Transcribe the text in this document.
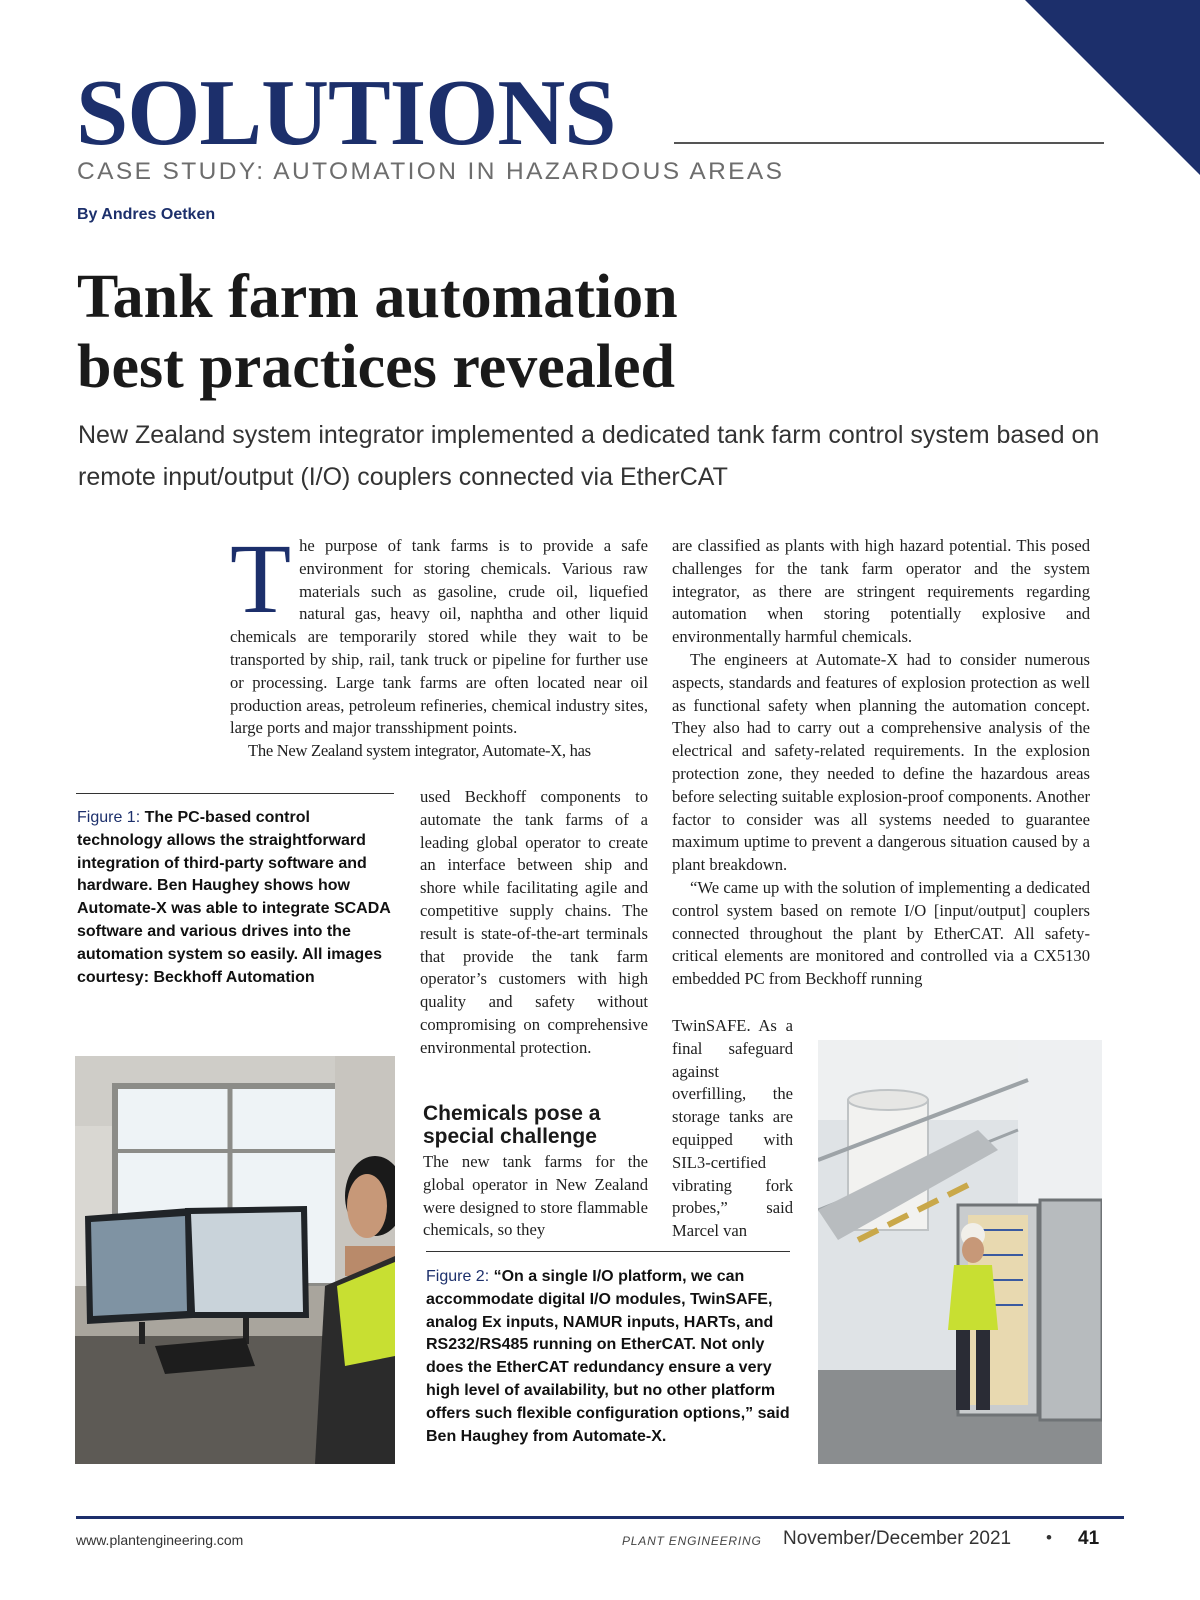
SOLUTIONS
CASE STUDY: AUTOMATION IN HAZARDOUS AREAS
By Andres Oetken
Tank farm automation
best practices revealed

New Zealand system integrator implemented a dedicated tank farm control system based on remote input/output (I/O) couplers connected via EtherCAT

The purpose of tank farms is to provide a safe environment for storing chemicals. Various raw materials such as gasoline, crude oil, liquefied natural gas, heavy oil, naphtha and other liquid chemicals are temporarily stored while they wait to be transported by ship, rail, tank truck or pipeline for further use or processing. Large tank farms are often located near oil production areas, petroleum refineries, chemical industry sites, large ports and major transshipment points.

The New Zealand system integrator, Automate-X, has

Figure 1: The PC-based control technology allows the straightforward integration of third-party software and hardware. Ben Haughey shows how Automate-X was able to integrate SCADA software and various drives into the automation system so easily. All images courtesy: Beckhoff Automation

used Beckhoff components to automate the tank farms of a leading global operator to create an interface between ship and shore while facilitating agile and competitive supply chains. The result is state-of-the-art terminals that provide the tank farm operator’s customers with high quality and safety without compromising on comprehensive environmental protection.

Chemicals pose a special challenge

The new tank farms for the global operator in New Zealand were designed to store flammable chemicals, so they

are classified as plants with high hazard potential. This posed challenges for the tank farm operator and the system integrator, as there are stringent requirements regarding automation when storing potentially explosive and environmentally harmful chemicals.

The engineers at Automate-X had to consider numerous aspects, standards and features of explosion protection as well as functional safety when planning the automation concept. They also had to carry out a comprehensive analysis of the electrical and safety-related requirements. In the explosion protection zone, they needed to define the hazardous areas before selecting suitable explosion-proof components. Another factor to consider was all systems needed to guarantee maximum uptime to prevent a dangerous situation caused by a plant breakdown.

“We came up with the solution of implementing a dedicated control system based on remote I/O [input/output] couplers connected throughout the plant by EtherCAT. All safety-critical elements are monitored and controlled via a CX5130 embedded PC from Beckhoff running

TwinSAFE. As a final safeguard against overfilling, the storage tanks are equipped with SIL3-certified vibrating fork probes,” said Marcel van

Figure 2: “On a single I/O platform, we can accommodate digital I/O modules, TwinSAFE, analog Ex inputs, NAMUR inputs, HARTs, and RS232/RS485 running on EtherCAT. Not only does the EtherCAT redundancy ensure a very high level of availability, but no other platform offers such flexible configuration options,” said Ben Haughey from Automate-X.

www.plantengineering.com	PLANT ENGINEERING November/December 2021 • 41
